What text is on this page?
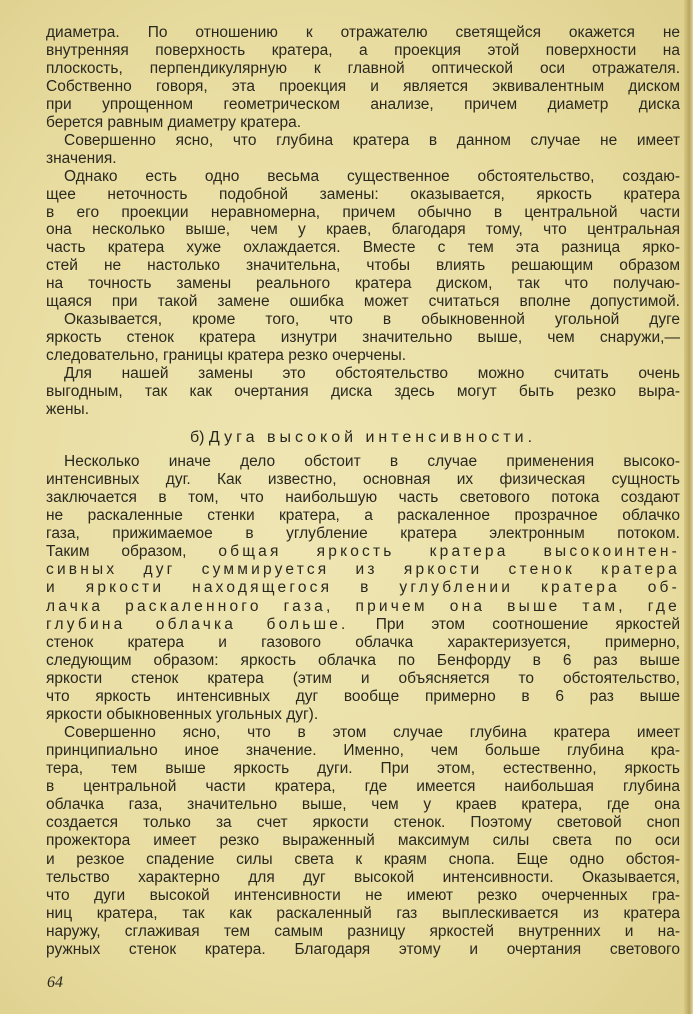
диаметра. По отношению к отражателю светящейся окажется не
внутренняя поверхность кратера, а проекция этой поверхности на
плоскость, перпендикулярную к главной оптической оси отражателя.
Собственно говоря, эта проекция и является эквивалентным диском
при упрощенном геометрическом анализе, причем диаметр диска
берется равным диаметру кратера.
Совершенно ясно, что глубина кратера в данном случае не имеет
значения.
Однако есть одно весьма существенное обстоятельство, создаю-
щее неточность подобной замены: оказывается, яркость кратера
в его проекции неравномерна, причем обычно в центральной части
она несколько выше, чем у краев, благодаря тому, что центральная
часть кратера хуже охлаждается. Вместе с тем эта разница ярко-
стей не настолько значительна, чтобы влиять решающим образом
на точность замены реального кратера диском, так что получаю-
щаяся при такой замене ошибка может считаться вполне допустимой.
Оказывается, кроме того, что в обыкновенной угольной дуге
яркость стенок кратера изнутри значительно выше, чем снаружи,—
следовательно, границы кратера резко очерчены.
Для нашей замены это обстоятельство можно считать очень
выгодным, так как очертания диска здесь могут быть резко выра-
жены.
Несколько иначе дело обстоит в случае применения высоко-
интенсивных дуг. Как известно, основная их физическая сущность
заключается в том, что наибольшую часть светового потока создают
не раскаленные стенки кратера, а раскаленное прозрачное облачко
газа, прижимаемое в углубление кратера электронным потоком.
Таким образом, общая яркость кратера высокоинтен-
сивных дуг суммируется из яркости стенок кратера
и яркости находящегося в углублении кратера об-
лачка раскаленного газа, причем она выше там, где
глубина облачка больше. При этом соотношение яркостей
стенок кратера и газового облачка характеризуется, примерно,
следующим образом: яркость облачка по Бенфорду в 6 раз выше
яркости стенок кратера (этим и объясняется то обстоятельство,
что яркость интенсивных дуг вообще примерно в 6 раз выше
яркости обыкновенных угольных дуг).
Совершенно ясно, что в этом случае глубина кратера имеет
принципиально иное значение. Именно, чем больше глубина кра-
тера, тем выше яркость дуги. При этом, естественно, яркость
в центральной части кратера, где имеется наибольшая глубина
облачка газа, значительно выше, чем у краев кратера, где она
создается только за счет яркости стенок. Поэтому световой сноп
прожектора имеет резко выраженный максимум силы света по оси
и резкое спадение силы света к краям снопа. Еще одно обстоя-
тельство характерно для дуг высокой интенсивности. Оказывается,
что дуги высокой интенсивности не имеют резко очерченных гра-
ниц кратера, так как раскаленный газ выплескивается из кратера
наружу, сглаживая тем самым разницу яркостей внутренних и на-
ружных стенок кратера. Благодаря этому и очертания светового
б) Дуга высокой интенсивности.
64
